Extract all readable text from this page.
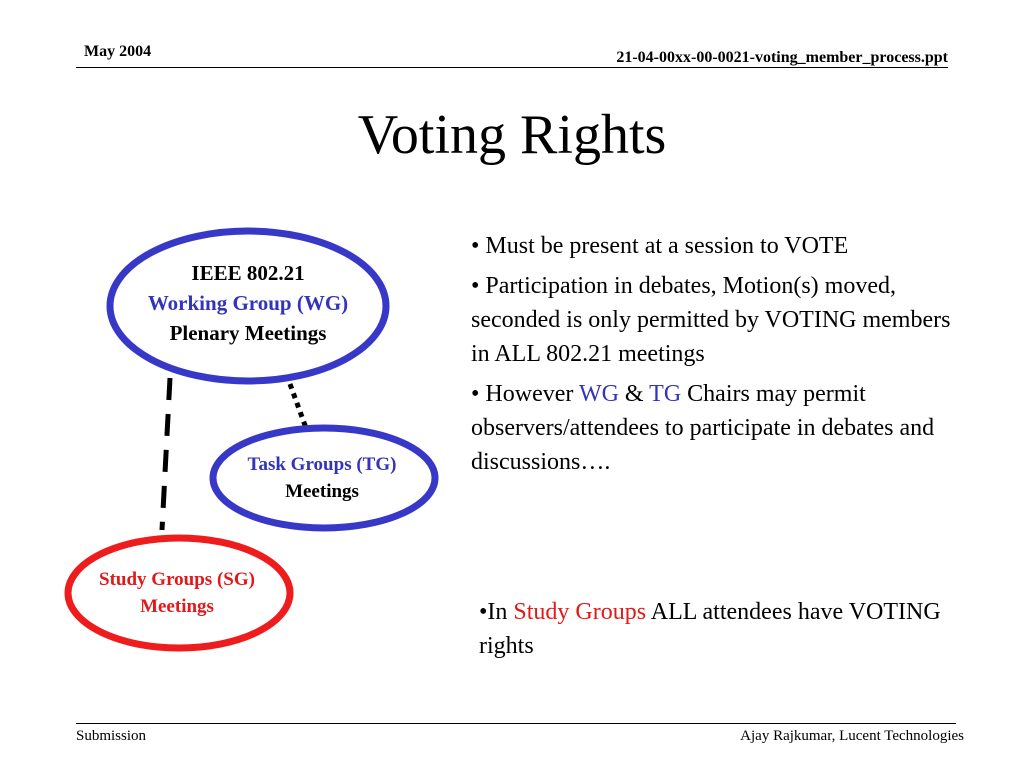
May 2004	21-04-00xx-00-0021-voting_member_process.ppt
Voting Rights
IEEE 802.21
Working Group (WG)
Plenary Meetings
Task Groups (TG)
Meetings
Study Groups (SG)
Meetings

• Must be present at a session to VOTE

• Participation in debates, Motion(s) moved, seconded is only permitted by VOTING members in ALL 802.21 meetings

• However WG & TG Chairs may permit observers/attendees to participate in debates and discussions….

•In Study Groups ALL attendees have VOTING rights

Submission	Ajay Rajkumar, Lucent Technologies
